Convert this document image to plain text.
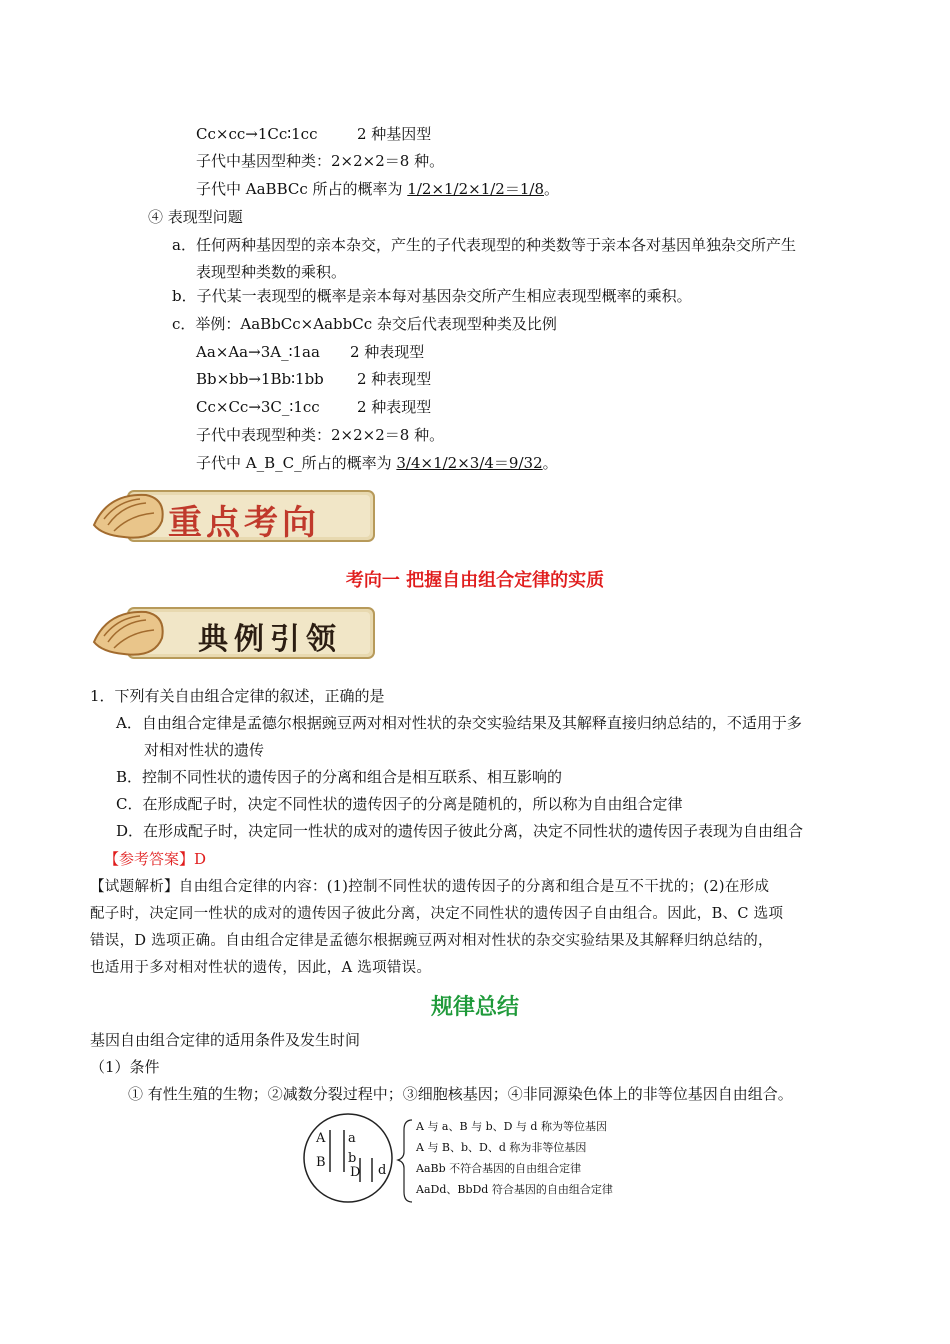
Cc×cc→1Cc∶1cc	2 种基因型
子代中基因型种类：2×2×2＝8 种。
子代中 AaBBCc 所占的概率为 1/2×1/2×1/2＝1/8。
④ 表现型问题
a．任何两种基因型的亲本杂交，产生的子代表现型的种类数等于亲本各对基因单独杂交所产生
表现型种类数的乘积。
b．子代某一表现型的概率是亲本每对基因杂交所产生相应表现型概率的乘积。
c．举例：AaBbCc×AabbCc 杂交后代表现型种类及比例
Aa×Aa→3A_∶1aa 2 种表现型
Bb×bb→1Bb∶1bb 2 种表现型
Cc×Cc→3C_∶1cc 2 种表现型
子代中表现型种类：2×2×2＝8 种。
子代中 A_B_C_所占的概率为 3/4×1/2×3/4＝9/32。
重点考向
考向一 把握自由组合定律的实质
典例引领
1．下列有关自由组合定律的叙述，正确的是
A．自由组合定律是孟德尔根据豌豆两对相对性状的杂交实验结果及其解释直接归纳总结的，不适用于多
对相对性状的遗传
B．控制不同性状的遗传因子的分离和组合是相互联系、相互影响的
C．在形成配子时，决定不同性状的遗传因子的分离是随机的，所以称为自由组合定律
D．在形成配子时，决定同一性状的成对的遗传因子彼此分离，决定不同性状的遗传因子表现为自由组合
【参考答案】D
【试题解析】自由组合定律的内容：(1)控制不同性状的遗传因子的分离和组合是互不干扰的；(2)在形成
配子时，决定同一性状的成对的遗传因子彼此分离，决定不同性状的遗传因子自由组合。因此，B、C 选项
错误，D 选项正确。自由组合定律是孟德尔根据豌豆两对相对性状的杂交实验结果及其解释归纳总结的，
也适用于多对相对性状的遗传，因此，A 选项错误。
规律总结
基因自由组合定律的适用条件及发生时间
（1）条件
① 有性生殖的生物；②减数分裂过程中；③细胞核基因；④非同源染色体上的非等位基因自由组合。
A a
B b
D d
A 与 a、B 与 b、D 与 d 称为等位基因
A 与 B、b、D、d 称为非等位基因
AaBb 不符合基因的自由组合定律
AaDd、BbDd 符合基因的自由组合定律
